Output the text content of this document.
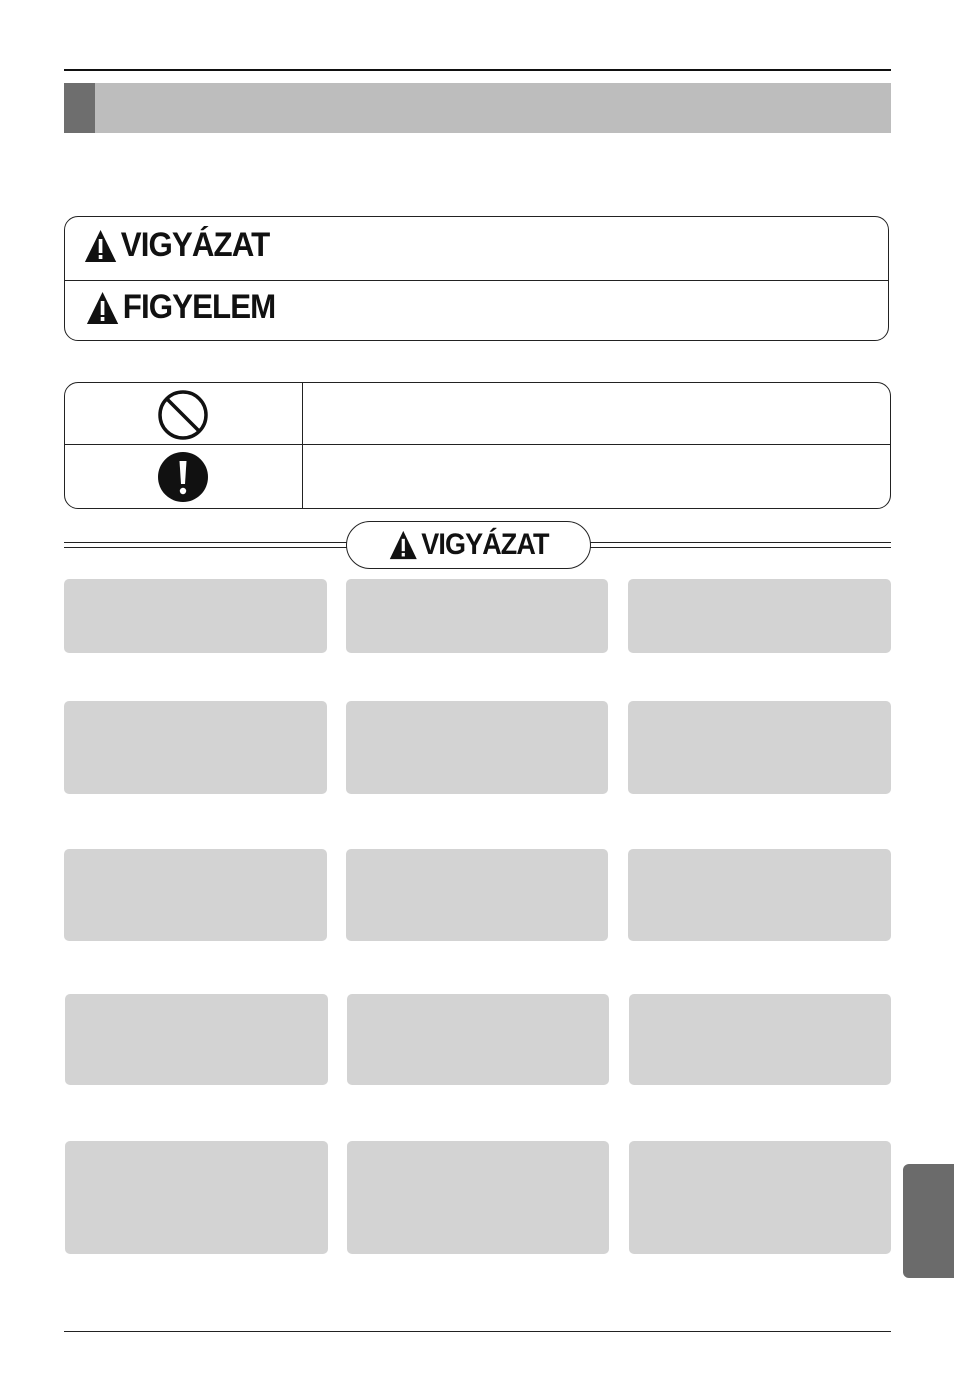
VIGYÁZAT
FIGYELEM
VIGYÁZAT
